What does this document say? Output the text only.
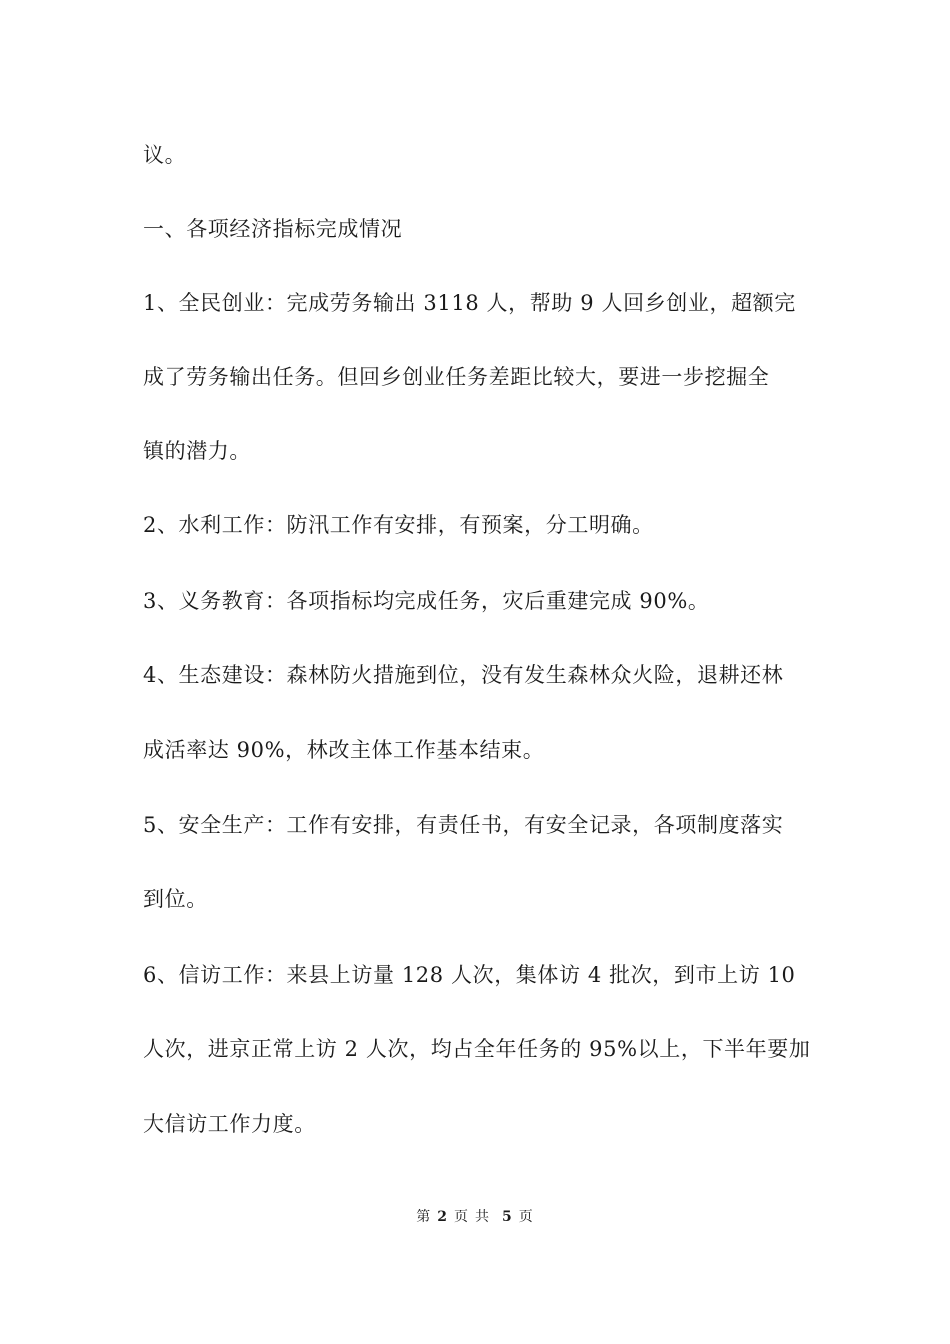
议。
一、各项经济指标完成情况
1、全民创业：完成劳务输出 3118 人，帮助 9 人回乡创业，超额完
成了劳务输出任务。但回乡创业任务差距比较大，要进一步挖掘全
镇的潜力。
2、水利工作：防汛工作有安排，有预案，分工明确。
3、义务教育：各项指标均完成任务，灾后重建完成 90%。
4、生态建设：森林防火措施到位，没有发生森林众火险，退耕还林
成活率达 90%，林改主体工作基本结束。
5、安全生产：工作有安排，有责任书，有安全记录，各项制度落实
到位。
6、信访工作：来县上访量 128 人次，集体访 4 批次，到市上访 10
人次，进京正常上访 2 人次，均占全年任务的 95%以上，下半年要加
大信访工作力度。
第 2 页 共 5 页
